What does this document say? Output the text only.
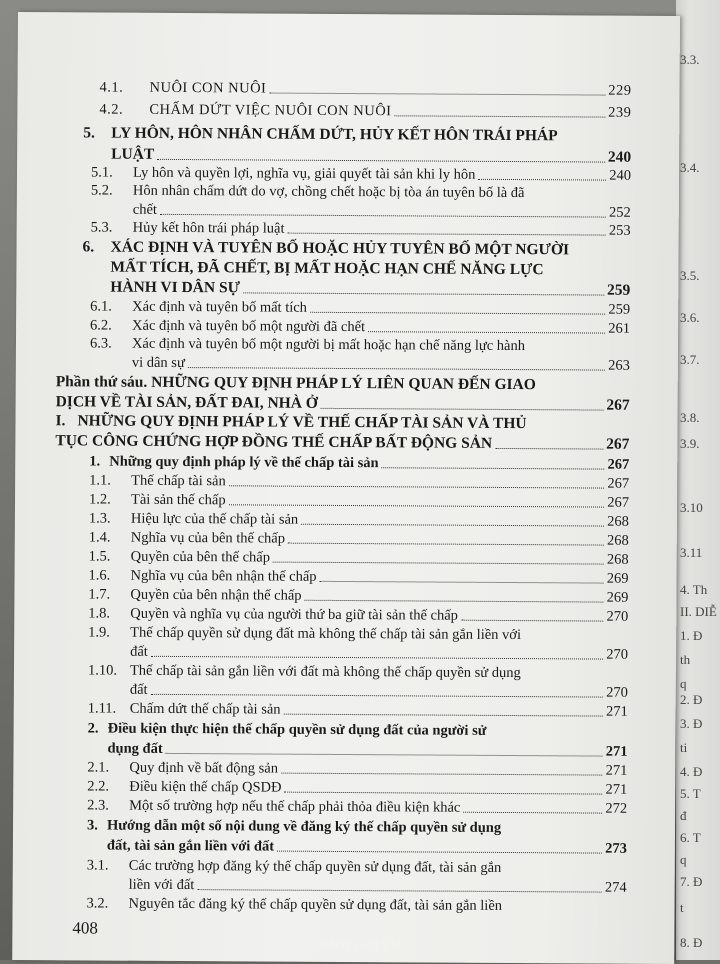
3.3.
3.4.
3.5.
3.6.
3.7.
3.8.
3.9.
3.10
3.11
4. Th
II. DIỄ
1. Đ
th
q
2. Đ
3. Đ
ti
4. Đ
5. T
đ
6. T
q
7. Đ
t
8. Đ
408
4.1. NUÔI CON NUÔI	229
4.2. CHẤM DỨT VIỆC NUÔI CON NUÔI	239
5. LY HÔN, HÔN NHÂN CHẤM DỨT, HỦY KẾT HÔN TRÁI PHÁP
LUẬT	240
5.1. Ly hôn và quyền lợi, nghĩa vụ, giải quyết tài sản khi ly hôn	240
5.2. Hôn nhân chấm dứt do vợ, chồng chết hoặc bị tòa án tuyên bố là đã
chết	252
5.3. Hủy kết hôn trái pháp luật	253
6. XÁC ĐỊNH VÀ TUYÊN BỐ HOẶC HỦY TUYÊN BỐ MỘT NGƯỜI
MẤT TÍCH, ĐÃ CHẾT, BỊ MẤT HOẶC HẠN CHẾ NĂNG LỰC
HÀNH VI DÂN SỰ	259
6.1. Xác định và tuyên bố mất tích	259
6.2. Xác định và tuyên bố một người đã chết	261
6.3. Xác định và tuyên bố một người bị mất hoặc hạn chế năng lực hành
vi dân sự	263
Phần thứ sáu. NHỮNG QUY ĐỊNH PHÁP LÝ LIÊN QUAN ĐẾN GIAO
DỊCH VỀ TÀI SẢN, ĐẤT ĐAI, NHÀ Ở	267
I. NHỮNG QUY ĐỊNH PHÁP LÝ VỀ THẾ CHẤP TÀI SẢN VÀ THỦ
TỤC CÔNG CHỨNG HỢP ĐỒNG THẾ CHẤP BẤT ĐỘNG SẢN	267
1. Những quy định pháp lý về thế chấp tài sản	267
1.1. Thế chấp tài sản	267
1.2. Tài sản thế chấp	267
1.3. Hiệu lực của thế chấp tài sản	268
1.4. Nghĩa vụ của bên thế chấp	268
1.5. Quyền của bên thế chấp	268
1.6. Nghĩa vụ của bên nhận thế chấp	269
1.7. Quyền của bên nhận thế chấp	269
1.8. Quyền và nghĩa vụ của người thứ ba giữ tài sản thế chấp	270
1.9. Thế chấp quyền sử dụng đất mà không thế chấp tài sản gắn liền với
đất	270
1.10. Thế chấp tài sản gắn liền với đất mà không thế chấp quyền sử dụng
đất	270
1.11. Chấm dứt thế chấp tài sản	271
2. Điều kiện thực hiện thế chấp quyền sử dụng đất của người sử
dụng đất	271
2.1. Quy định về bất động sản	271
2.2. Điều kiện thế chấp QSDĐ	271
2.3. Một số trường hợp nếu thế chấp phải thỏa điều kiện khác	272
3. Hướng dẫn một số nội dung về đăng ký thế chấp quyền sử dụng
đất, tài sản gắn liền với đất	273
3.1. Các trường hợp đăng ký thế chấp quyền sử dụng đất, tài sản gắn
liền với đất	274
3.2. Nguyên tắc đăng ký thế chấp quyền sử dụng đất, tài sản gắn liền
Sách Luật VN
